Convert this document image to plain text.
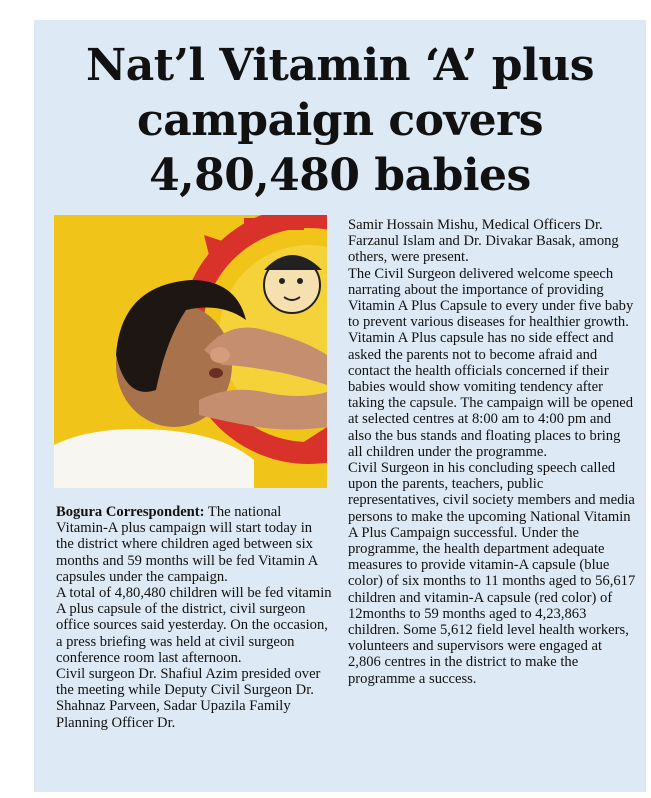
Nat’l Vitamin ‘A’ plus
campaign covers
4,80,480 babies

Bogura Correspondent: The national Vitamin-A plus campaign will start today in the district where children aged between six months and 59 months will be fed Vitamin A capsules under the campaign.

A total of 4,80,480 children will be fed vitamin A plus capsule of the district, civil surgeon office sources said yesterday. On the occasion, a press briefing was held at civil surgeon conference room last afternoon.

Civil surgeon Dr. Shafiul Azim presided over the meeting while Deputy Civil Surgeon Dr. Shahnaz Parveen, Sadar Upazila Family Planning Officer Dr.

Samir Hossain Mishu, Medical Officers Dr. Farzanul Islam and Dr. Divakar Basak, among others, were present.

The Civil Surgeon delivered welcome speech narrating about the importance of providing Vitamin A Plus Capsule to every under five baby to prevent various diseases for healthier growth.

Vitamin A Plus capsule has no side effect and asked the parents not to become afraid and contact the health officials concerned if their babies would show vomiting tendency after taking the capsule. The campaign will be opened at selected centres at 8:00 am to 4:00 pm and also the bus stands and floating places to bring all children under the programme.

Civil Surgeon in his concluding speech called upon the parents, teachers, public representatives, civil society members and media persons to make the upcoming National Vitamin A Plus Campaign successful. Under the programme, the health department adequate measures to provide vitamin-A capsule (blue color) of six months to 11 months aged to 56,617 children and vitamin-A capsule (red color) of 12months to 59 months aged to 4,23,863 children. Some 5,612 field level health workers, volunteers and supervisors were engaged at 2,806 centres in the district to make the programme a success.
